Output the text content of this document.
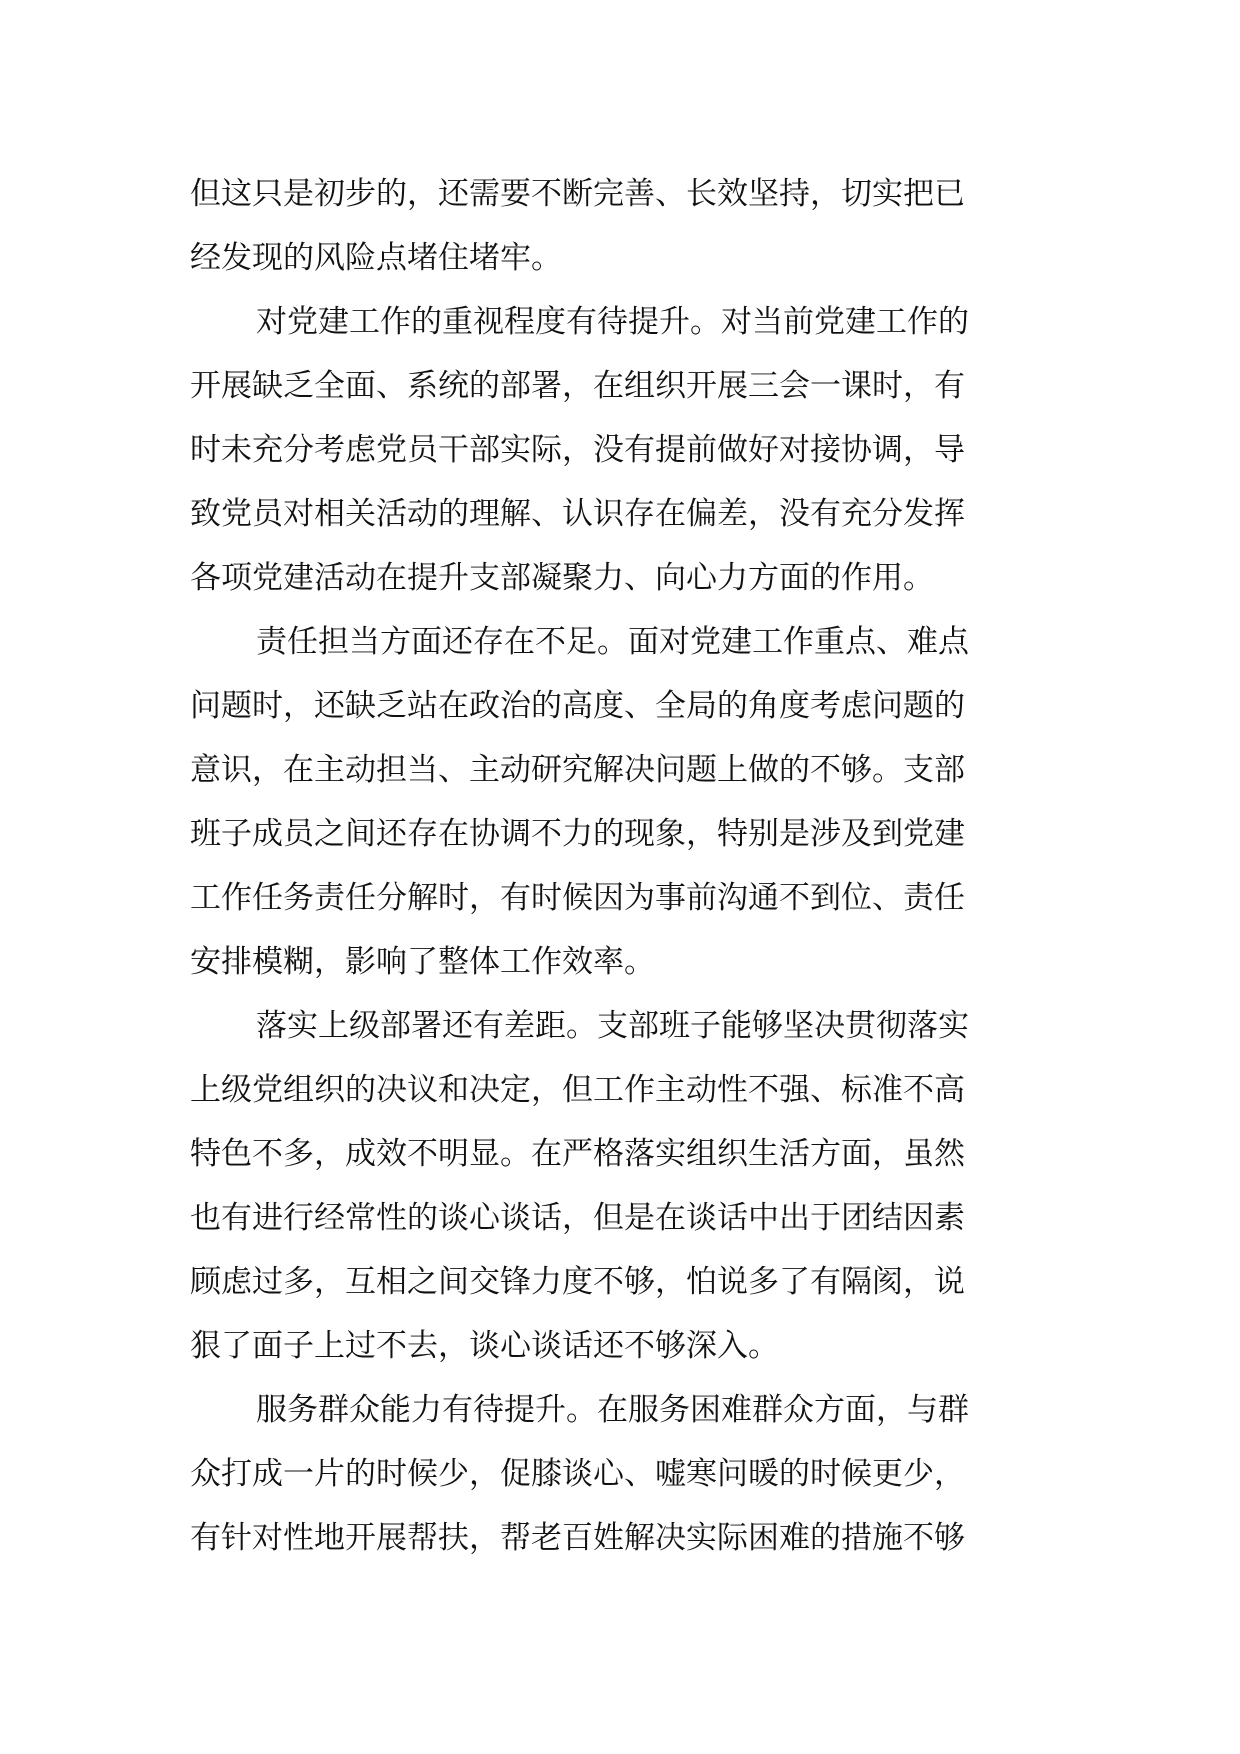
但这只是初步的，还需要不断完善、长效坚持，切实把已
经发现的风险点堵住堵牢。
对党建工作的重视程度有待提升。对当前党建工作的
开展缺乏全面、系统的部署，在组织开展三会一课时，有
时未充分考虑党员干部实际，没有提前做好对接协调，导
致党员对相关活动的理解、认识存在偏差，没有充分发挥
各项党建活动在提升支部凝聚力、向心力方面的作用。
责任担当方面还存在不足。面对党建工作重点、难点
问题时，还缺乏站在政治的高度、全局的角度考虑问题的
意识，在主动担当、主动研究解决问题上做的不够。支部
班子成员之间还存在协调不力的现象，特别是涉及到党建
工作任务责任分解时，有时候因为事前沟通不到位、责任
安排模糊，影响了整体工作效率。
落实上级部署还有差距。支部班子能够坚决贯彻落实
上级党组织的决议和决定，但工作主动性不强、标准不高
特色不多，成效不明显。在严格落实组织生活方面，虽然
也有进行经常性的谈心谈话，但是在谈话中出于团结因素
顾虑过多，互相之间交锋力度不够，怕说多了有隔阂，说
狠了面子上过不去，谈心谈话还不够深入。
服务群众能力有待提升。在服务困难群众方面，与群
众打成一片的时候少，促膝谈心、嘘寒问暖的时候更少，
有针对性地开展帮扶，帮老百姓解决实际困难的措施不够
